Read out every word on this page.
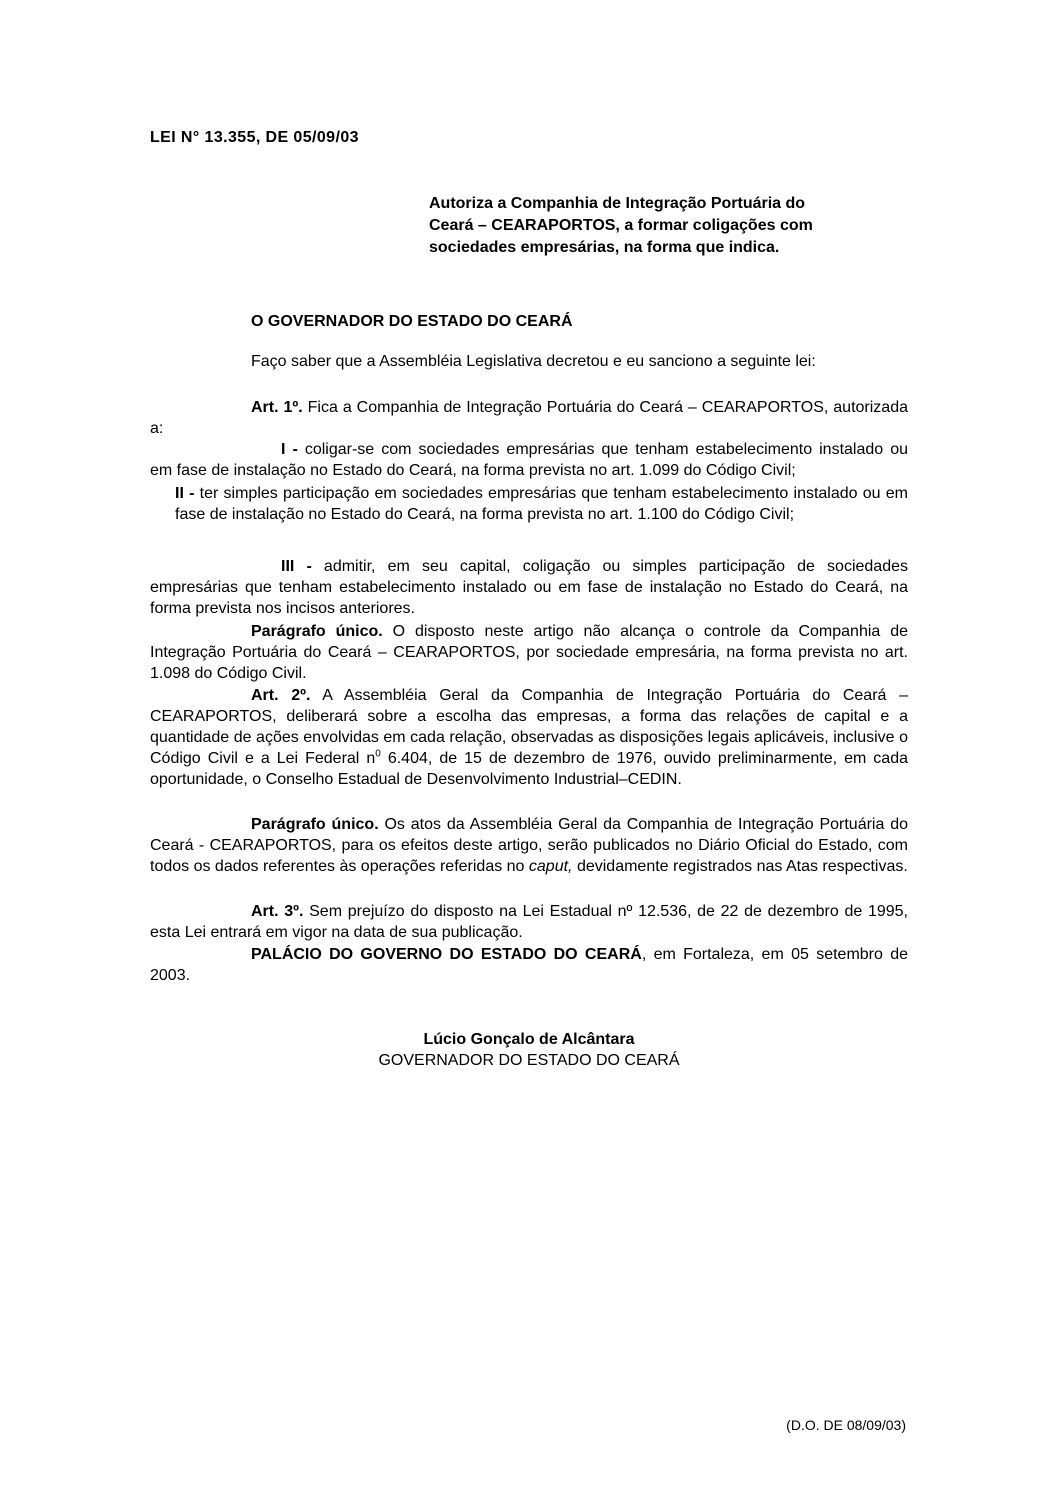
LEI N° 13.355, DE 05/09/03
Autoriza a Companhia de Integração Portuária do
Ceará – CEARAPORTOS, a formar coligações com
sociedades empresárias, na forma que indica.
O GOVERNADOR DO ESTADO DO CEARÁ
Faço saber que a Assembléia Legislativa decretou e eu sanciono a seguinte lei:
Art. 1º. Fica a Companhia de Integração Portuária do Ceará – CEARAPORTOS, autorizada a:
I - coligar-se com sociedades empresárias que tenham estabelecimento instalado ou em fase de instalação no Estado do Ceará, na forma prevista no art. 1.099 do Código Civil;
II - ter simples participação em sociedades empresárias que tenham estabelecimento instalado ou em fase de instalação no Estado do Ceará, na forma prevista no art. 1.100 do Código Civil;
III - admitir, em seu capital, coligação ou simples participação de sociedades empresárias que tenham estabelecimento instalado ou em fase de instalação no Estado do Ceará, na forma prevista nos incisos anteriores.
Parágrafo único. O disposto neste artigo não alcança o controle da Companhia de Integração Portuária do Ceará – CEARAPORTOS, por sociedade empresária, na forma prevista no art. 1.098 do Código Civil.
Art. 2º. A Assembléia Geral da Companhia de Integração Portuária do Ceará – CEARAPORTOS, deliberará sobre a escolha das empresas, a forma das relações de capital e a quantidade de ações envolvidas em cada relação, observadas as disposições legais aplicáveis, inclusive o Código Civil e a Lei Federal $n^0$ 6.404, de 15 de dezembro de 1976, ouvido preliminarmente, em cada oportunidade, o Conselho Estadual de Desenvolvimento Industrial–CEDIN.
Parágrafo único. Os atos da Assembléia Geral da Companhia de Integração Portuária do Ceará - CEARAPORTOS, para os efeitos deste artigo, serão publicados no Diário Oficial do Estado, com todos os dados referentes às operações referidas no caput, devidamente registrados nas Atas respectivas.
Art. 3º. Sem prejuízo do disposto na Lei Estadual nº 12.536, de 22 de dezembro de 1995, esta Lei entrará em vigor na data de sua publicação.
PALÁCIO DO GOVERNO DO ESTADO DO CEARÁ, em Fortaleza, em 05 setembro de 2003.
Lúcio Gonçalo de Alcântara
GOVERNADOR DO ESTADO DO CEARÁ
(D.O. DE 08/09/03)
